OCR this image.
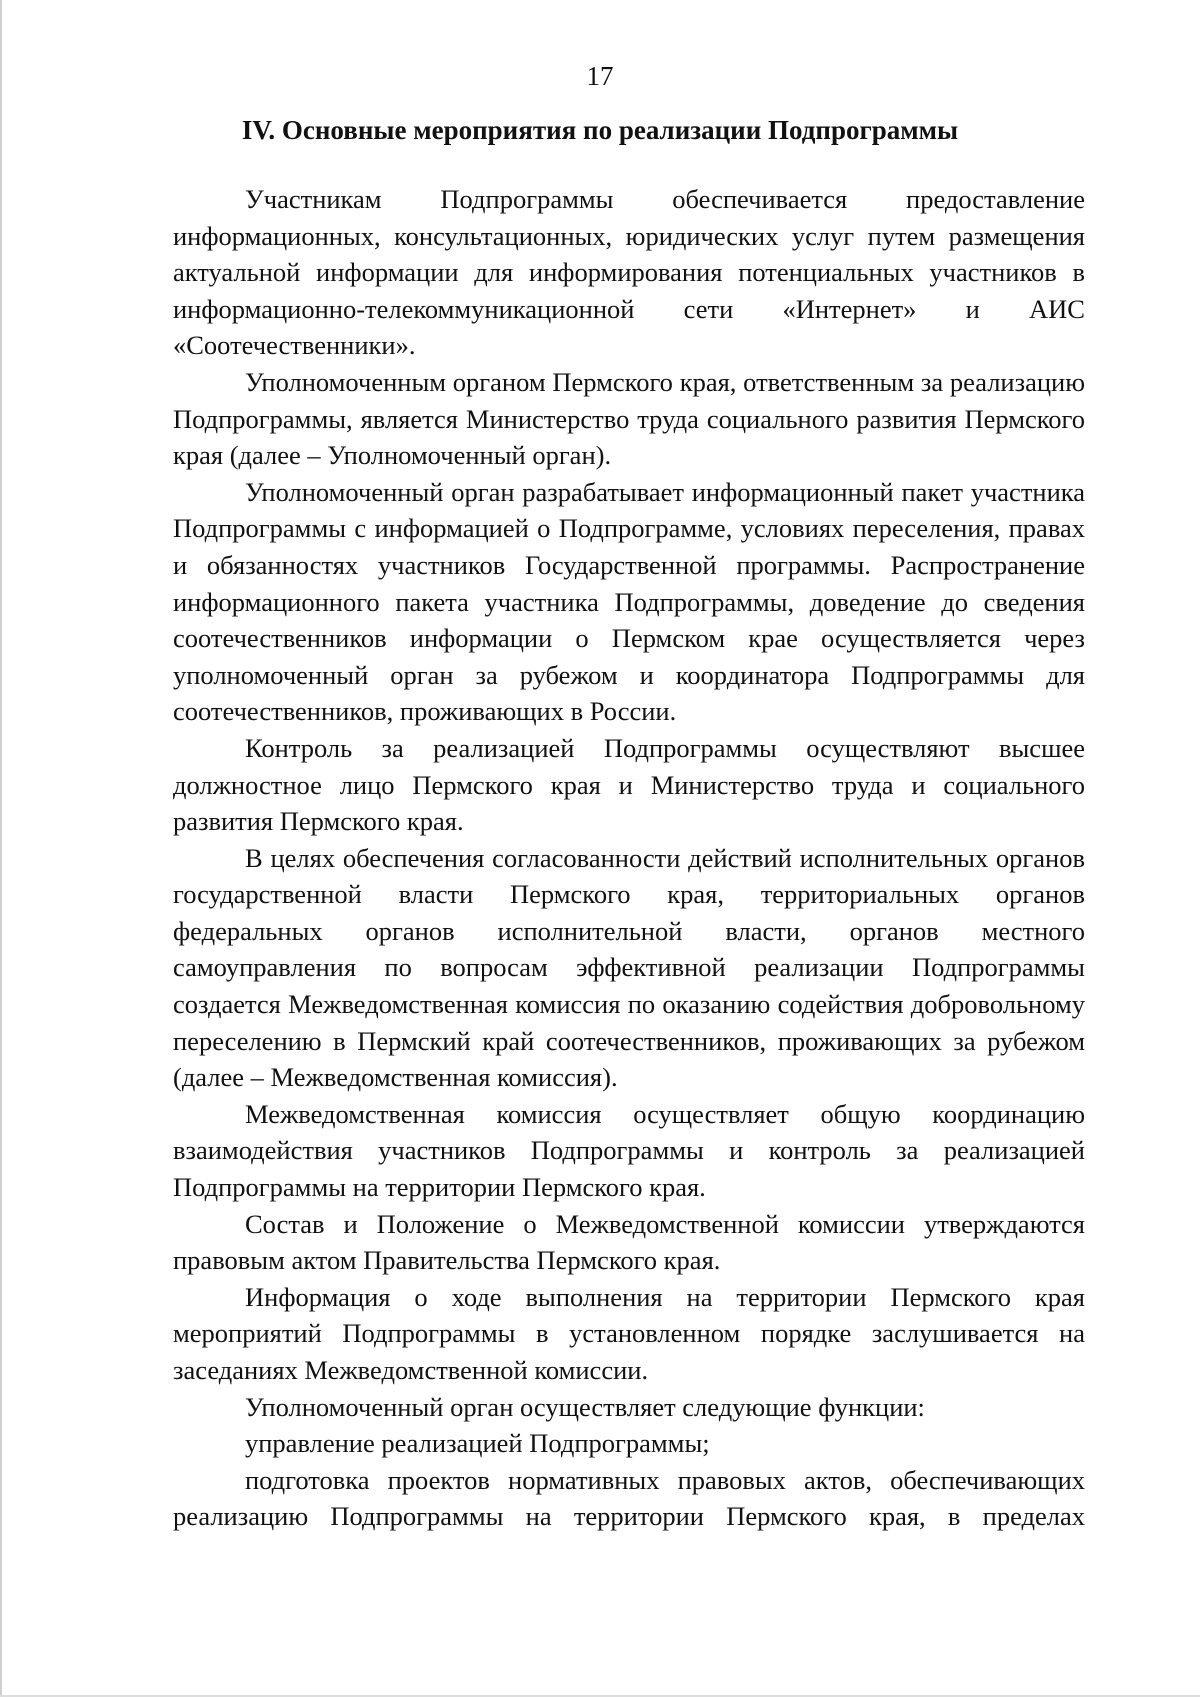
17
IV. Основные мероприятия по реализации Подпрограммы

Участникам Подпрограммы обеспечивается предоставление информационных, консультационных, юридических услуг путем размещения актуальной информации для информирования потенциальных участников в информационно-телекоммуникационной сети «Интернет» и АИС «Соотечественники».

Уполномоченным органом Пермского края, ответственным за реализацию Подпрограммы, является Министерство труда социального развития Пермского края (далее – Уполномоченный орган).

Уполномоченный орган разрабатывает информационный пакет участника Подпрограммы с информацией о Подпрограмме, условиях переселения, правах и обязанностях участников Государственной программы. Распространение информационного пакета участника Подпрограммы, доведение до сведения соотечественников информации о Пермском крае осуществляется через уполномоченный орган за рубежом и координатора Подпрограммы для соотечественников, проживающих в России.

Контроль за реализацией Подпрограммы осуществляют высшее должностное лицо Пермского края и Министерство труда и социального развития Пермского края.

В целях обеспечения согласованности действий исполнительных органов государственной власти Пермского края, территориальных органов федеральных органов исполнительной власти, органов местного самоуправления по вопросам эффективной реализации Подпрограммы создается Межведомственная комиссия по оказанию содействия добровольному переселению в Пермский край соотечественников, проживающих за рубежом (далее – Межведомственная комиссия).

Межведомственная комиссия осуществляет общую координацию взаимодействия участников Подпрограммы и контроль за реализацией Подпрограммы на территории Пермского края.

Состав и Положение о Межведомственной комиссии утверждаются правовым актом Правительства Пермского края.

Информация о ходе выполнения на территории Пермского края мероприятий Подпрограммы в установленном порядке заслушивается на заседаниях Межведомственной комиссии.

Уполномоченный орган осуществляет следующие функции:

управление реализацией Подпрограммы;

подготовка проектов нормативных правовых актов, обеспечивающих реализацию Подпрограммы на территории Пермского края, в пределах
